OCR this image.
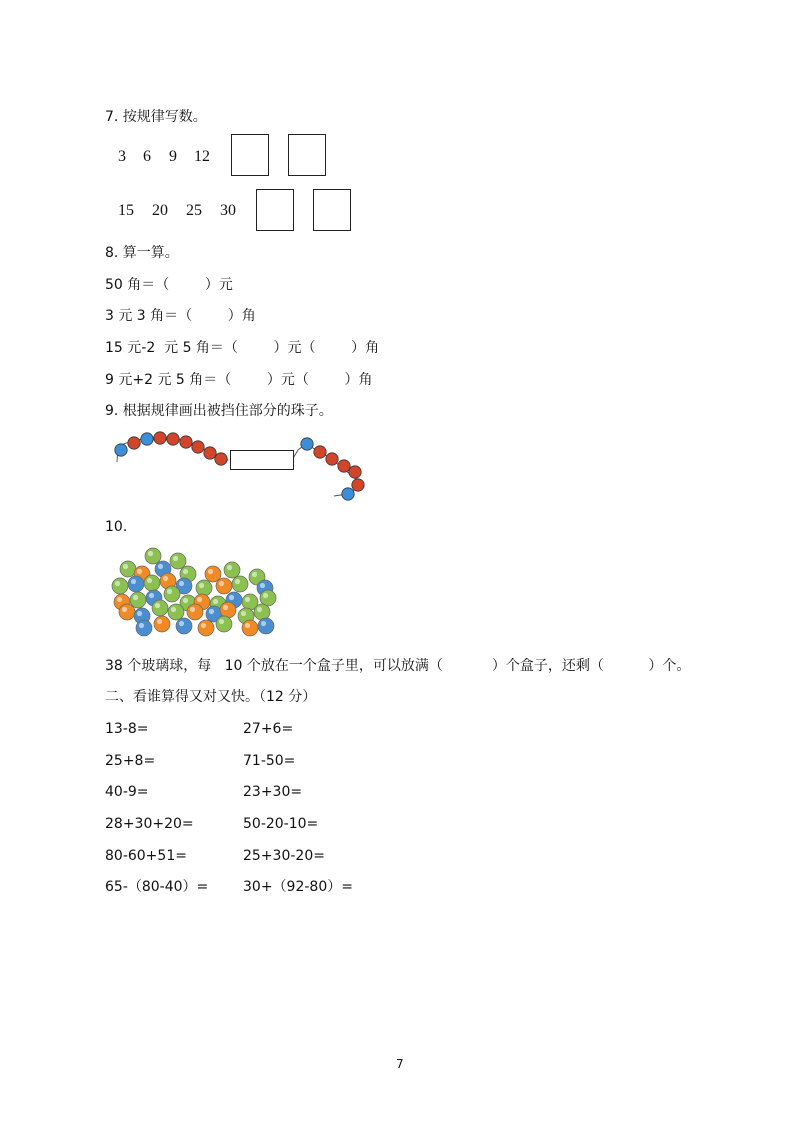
7. 按规律写数。
3 6 9 12
15 20 25 30
8. 算一算。
50 角＝（        ）元
3 元 3 角＝（        ）角
15 元-2  元 5 角＝（        ）元（        ）角
9 元+2 元 5 角＝（        ）元（        ）角
9. 根据规律画出被挡住部分的珠子。
10.
38 个玻璃球，每   10 个放在一个盒子里，可以放满（           ）个盒子，还剩（          ）个。
二、看谁算得又对又快。（12 分）
13-8=
25+8=
40-9=
28+30+20=
80-60+51=
65-（80-40）=
27+6=
71-50=
23+30=
50-20-10=
25+30-20=
30+（92-80）=
7
